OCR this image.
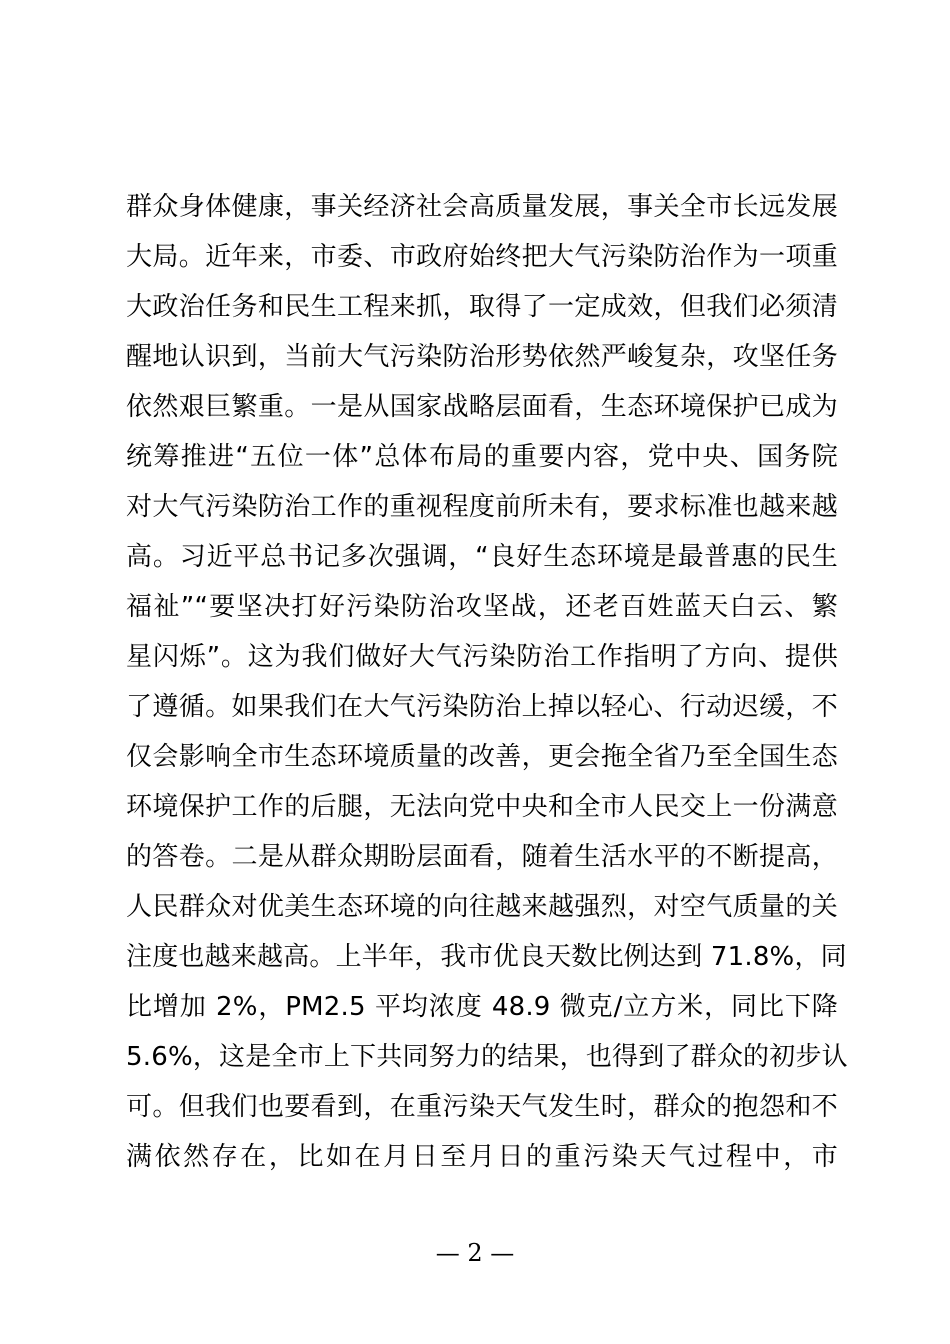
群众身体健康，事关经济社会高质量发展，事关全市长远发展
大局。近年来，市委、市政府始终把大气污染防治作为一项重
大政治任务和民生工程来抓，取得了一定成效，但我们必须清
醒地认识到，当前大气污染防治形势依然严峻复杂，攻坚任务
依然艰巨繁重。一是从国家战略层面看，生态环境保护已成为
统筹推进“五位一体”总体布局的重要内容，党中央、国务院
对大气污染防治工作的重视程度前所未有，要求标准也越来越
高。习近平总书记多次强调，“良好生态环境是最普惠的民生
福祉”“要坚决打好污染防治攻坚战，还老百姓蓝天白云、繁
星闪烁”。这为我们做好大气污染防治工作指明了方向、提供
了遵循。如果我们在大气污染防治上掉以轻心、行动迟缓，不
仅会影响全市生态环境质量的改善，更会拖全省乃至全国生态
环境保护工作的后腿，无法向党中央和全市人民交上一份满意
的答卷。二是从群众期盼层面看，随着生活水平的不断提高，
人民群众对优美生态环境的向往越来越强烈，对空气质量的关
注度也越来越高。上半年，我市优良天数比例达到 71.8%，同
比增加 2%，PM2.5 平均浓度 48.9 微克/立方米，同比下降
5.6%，这是全市上下共同努力的结果，也得到了群众的初步认
可。但我们也要看到，在重污染天气发生时，群众的抱怨和不
满依然存在，比如在月日至月日的重污染天气过程中，市
— 2 —
